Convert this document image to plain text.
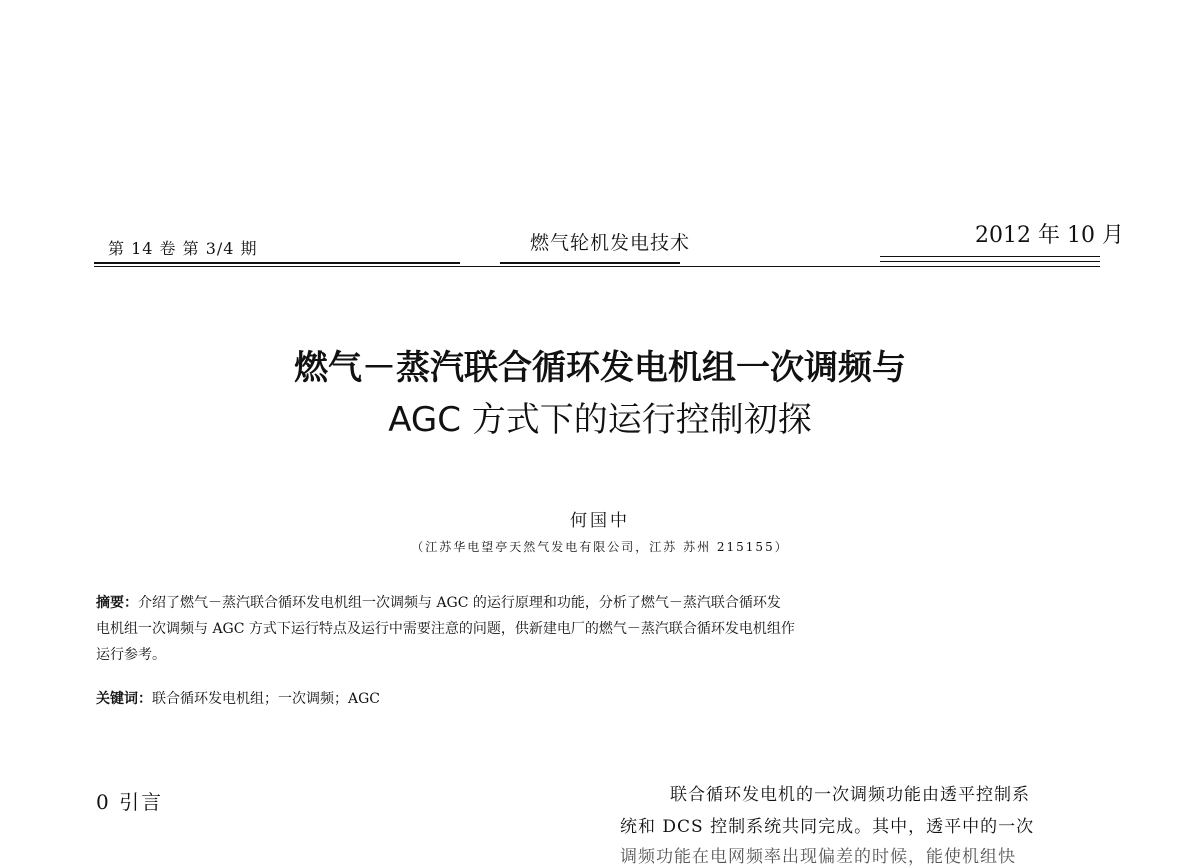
第 14 卷 第 3/4 期	燃气轮机发电技术	2012 年 10 月
燃气－蒸汽联合循环发电机组一次调频与
AGC 方式下的运行控制初探
何国中
（江苏华电望亭天然气发电有限公司，江苏 苏州 215155）
摘要：介绍了燃气－蒸汽联合循环发电机组一次调频与 AGC 的运行原理和功能，分析了燃气－蒸汽联合循环发
电机组一次调频与 AGC 方式下运行特点及运行中需要注意的问题，供新建电厂的燃气－蒸汽联合循环发电机组作
运行参考。
关键词：联合循环发电机组；一次调频；AGC
0 引言	联合循环发电机的一次调频功能由透平控制系
统和 DCS 控制系统共同完成。其中，透平中的一次
调频功能在电网频率出现偏差的时候，能使机组快
